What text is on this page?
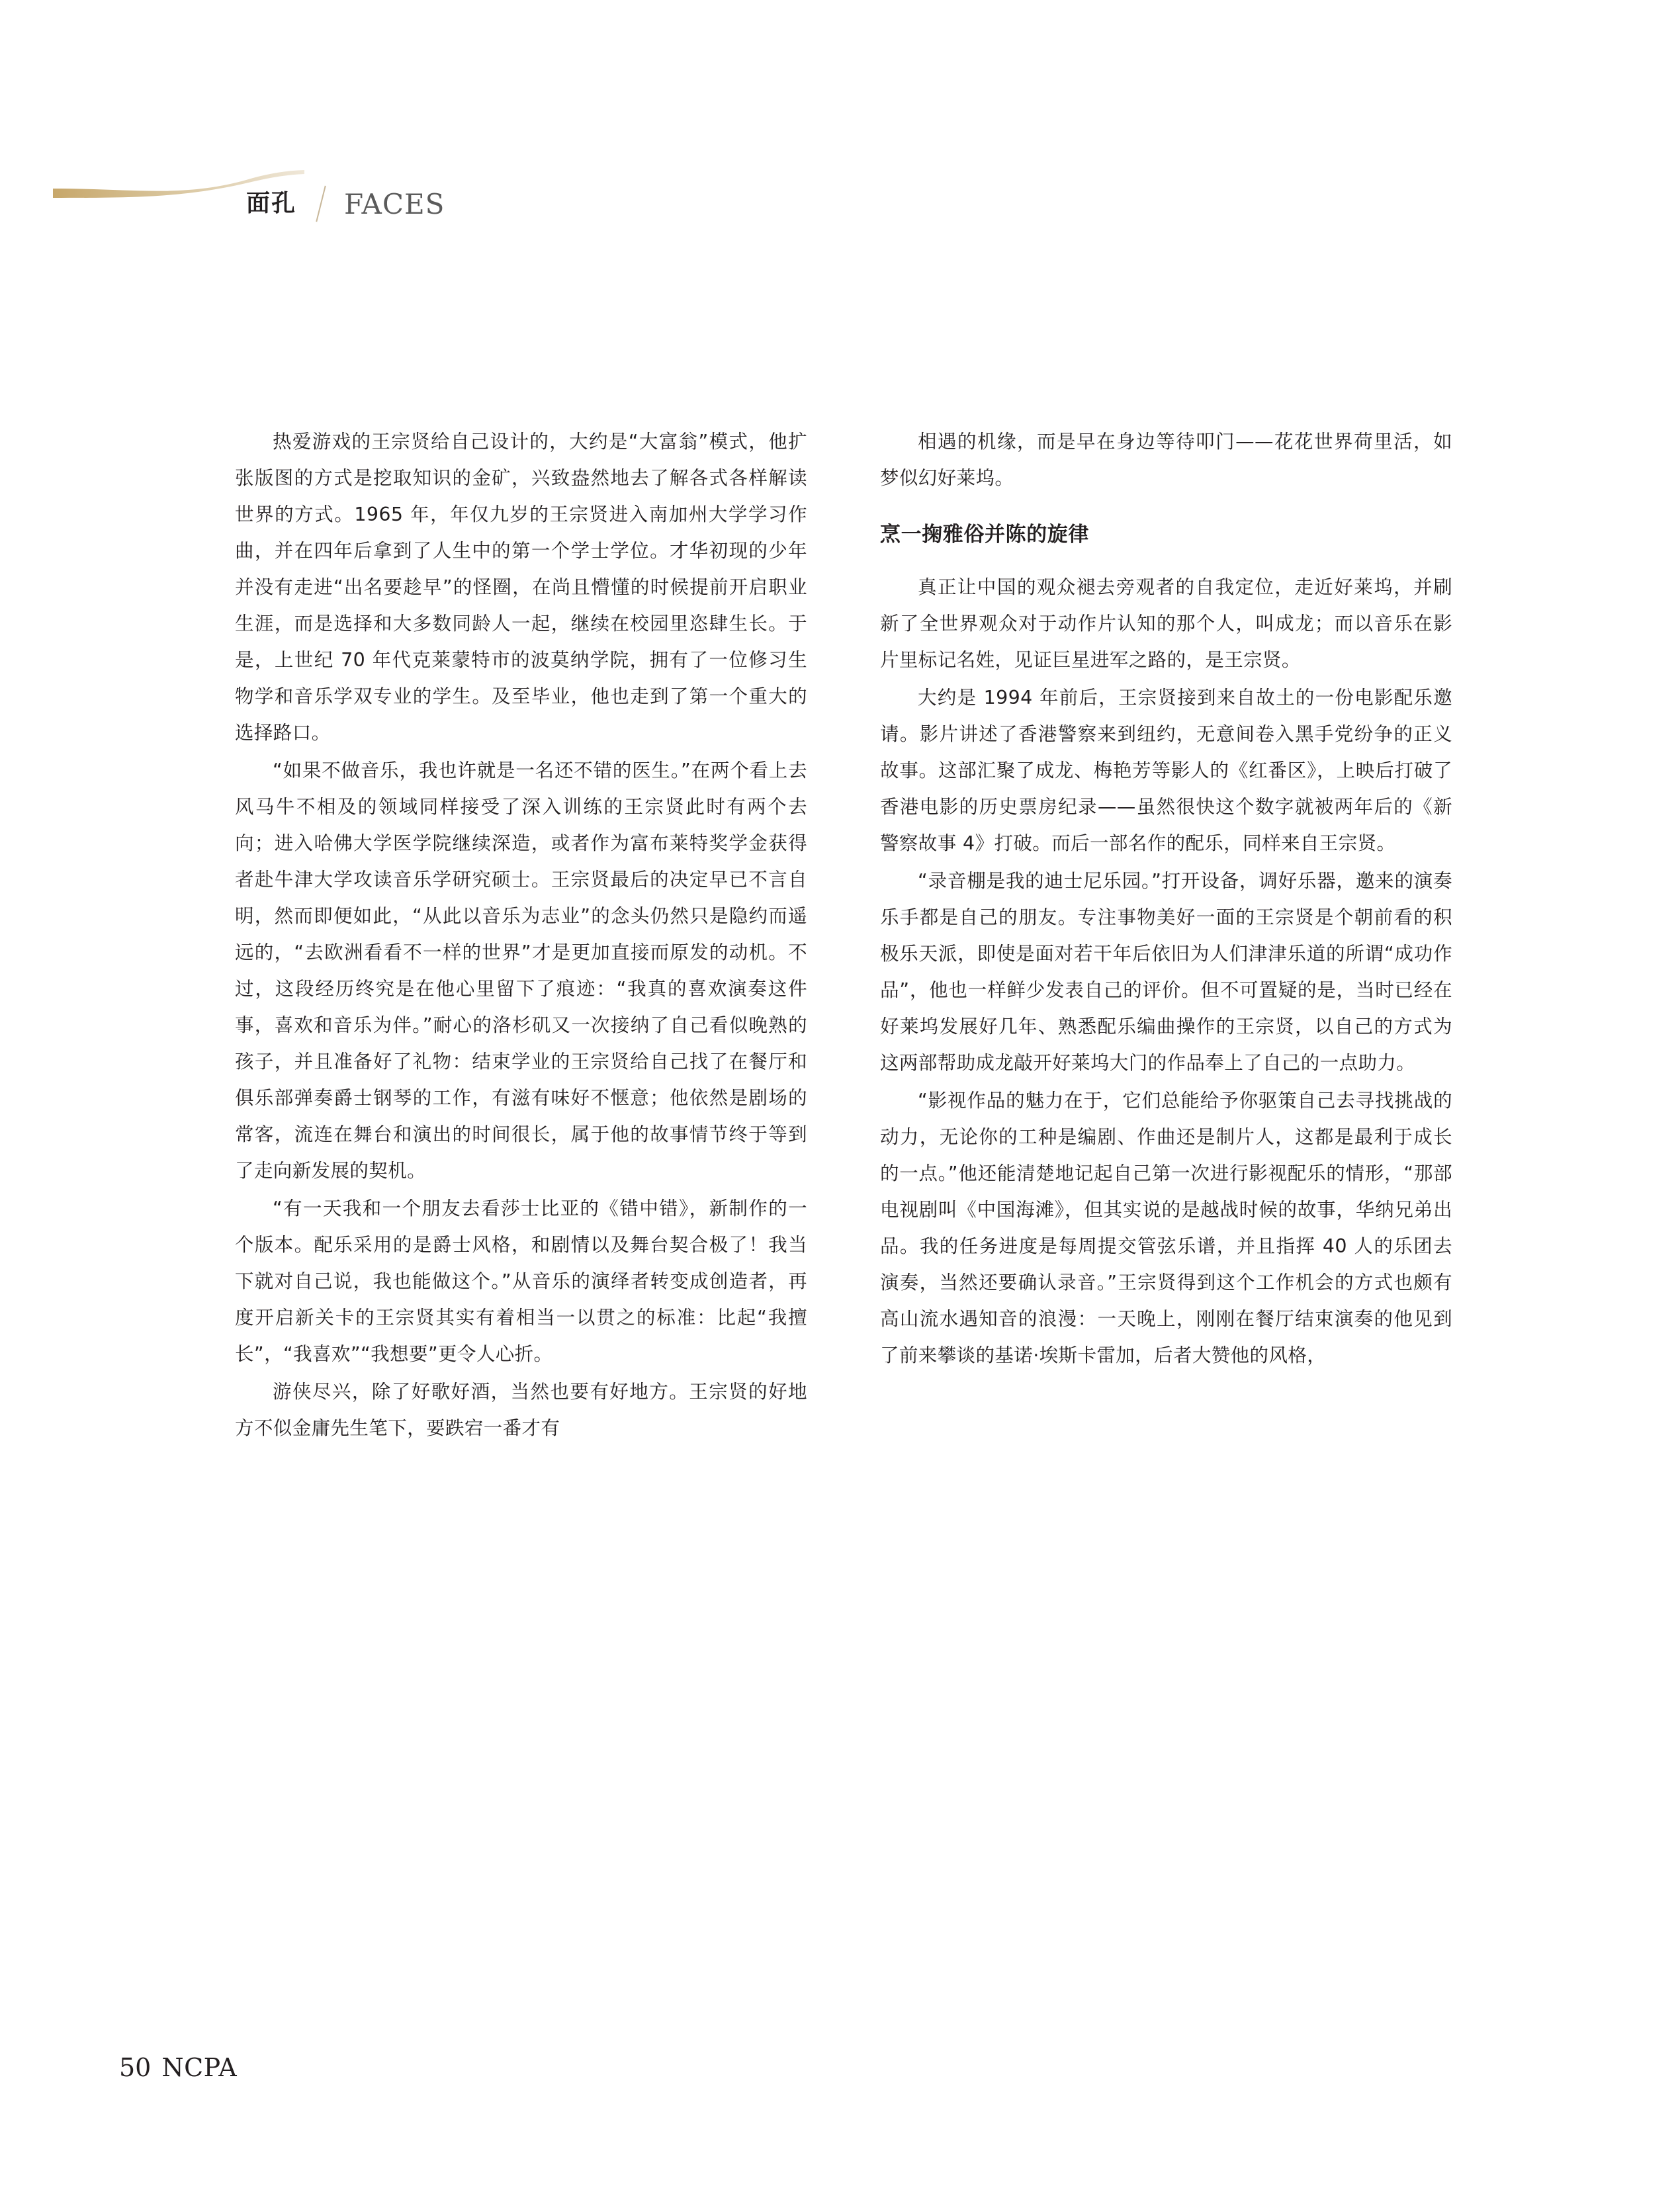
面孔 FACES

热爱游戏的王宗贤给自己设计的，大约是“大富翁”模式，他扩张版图的方式是挖取知识的金矿，兴致盎然地去了解各式各样解读世界的方式。1965 年，年仅九岁的王宗贤进入南加州大学学习作曲，并在四年后拿到了人生中的第一个学士学位。才华初现的少年并没有走进“出名要趁早”的怪圈，在尚且懵懂的时候提前开启职业生涯，而是选择和大多数同龄人一起，继续在校园里恣肆生长。于是，上世纪 70 年代克莱蒙特市的波莫纳学院，拥有了一位修习生物学和音乐学双专业的学生。及至毕业，他也走到了第一个重大的选择路口。

“如果不做音乐，我也许就是一名还不错的医生。”在两个看上去风马牛不相及的领域同样接受了深入训练的王宗贤此时有两个去向；进入哈佛大学医学院继续深造，或者作为富布莱特奖学金获得者赴牛津大学攻读音乐学研究硕士。王宗贤最后的决定早已不言自明，然而即便如此，“从此以音乐为志业”的念头仍然只是隐约而遥远的，“去欧洲看看不一样的世界”才是更加直接而原发的动机。不过，这段经历终究是在他心里留下了痕迹：“我真的喜欢演奏这件事，喜欢和音乐为伴。”耐心的洛杉矶又一次接纳了自己看似晚熟的孩子，并且准备好了礼物：结束学业的王宗贤给自己找了在餐厅和俱乐部弹奏爵士钢琴的工作，有滋有味好不惬意；他依然是剧场的常客，流连在舞台和演出的时间很长，属于他的故事情节终于等到了走向新发展的契机。

“有一天我和一个朋友去看莎士比亚的《错中错》，新制作的一个版本。配乐采用的是爵士风格，和剧情以及舞台契合极了！我当下就对自己说，我也能做这个。”从音乐的演绎者转变成创造者，再度开启新关卡的王宗贤其实有着相当一以贯之的标准：比起“我擅长”，“我喜欢”“我想要”更令人心折。

游侠尽兴，除了好歌好酒，当然也要有好地方。王宗贤的好地方不似金庸先生笔下，要跌宕一番才有

相遇的机缘，而是早在身边等待叩门——花花世界荷里活，如梦似幻好莱坞。

烹一掬雅俗并陈的旋律

真正让中国的观众褪去旁观者的自我定位，走近好莱坞，并刷新了全世界观众对于动作片认知的那个人，叫成龙；而以音乐在影片里标记名姓，见证巨星进军之路的，是王宗贤。

大约是 1994 年前后，王宗贤接到来自故土的一份电影配乐邀请。影片讲述了香港警察来到纽约，无意间卷入黑手党纷争的正义故事。这部汇聚了成龙、梅艳芳等影人的《红番区》，上映后打破了香港电影的历史票房纪录——虽然很快这个数字就被两年后的《新警察故事 4》打破。而后一部名作的配乐，同样来自王宗贤。

“录音棚是我的迪士尼乐园。”打开设备，调好乐器，邀来的演奏乐手都是自己的朋友。专注事物美好一面的王宗贤是个朝前看的积极乐天派，即使是面对若干年后依旧为人们津津乐道的所谓“成功作品”，他也一样鲜少发表自己的评价。但不可置疑的是，当时已经在好莱坞发展好几年、熟悉配乐编曲操作的王宗贤，以自己的方式为这两部帮助成龙敲开好莱坞大门的作品奉上了自己的一点助力。

“影视作品的魅力在于，它们总能给予你驱策自己去寻找挑战的动力，无论你的工种是编剧、作曲还是制片人，这都是最利于成长的一点。”他还能清楚地记起自己第一次进行影视配乐的情形，“那部电视剧叫《中国海滩》，但其实说的是越战时候的故事，华纳兄弟出品。我的任务进度是每周提交管弦乐谱，并且指挥 40 人的乐团去演奏，当然还要确认录音。”王宗贤得到这个工作机会的方式也颇有高山流水遇知音的浪漫：一天晚上，刚刚在餐厅结束演奏的他见到了前来攀谈的基诺·埃斯卡雷加，后者大赞他的风格，

50 NCPA
